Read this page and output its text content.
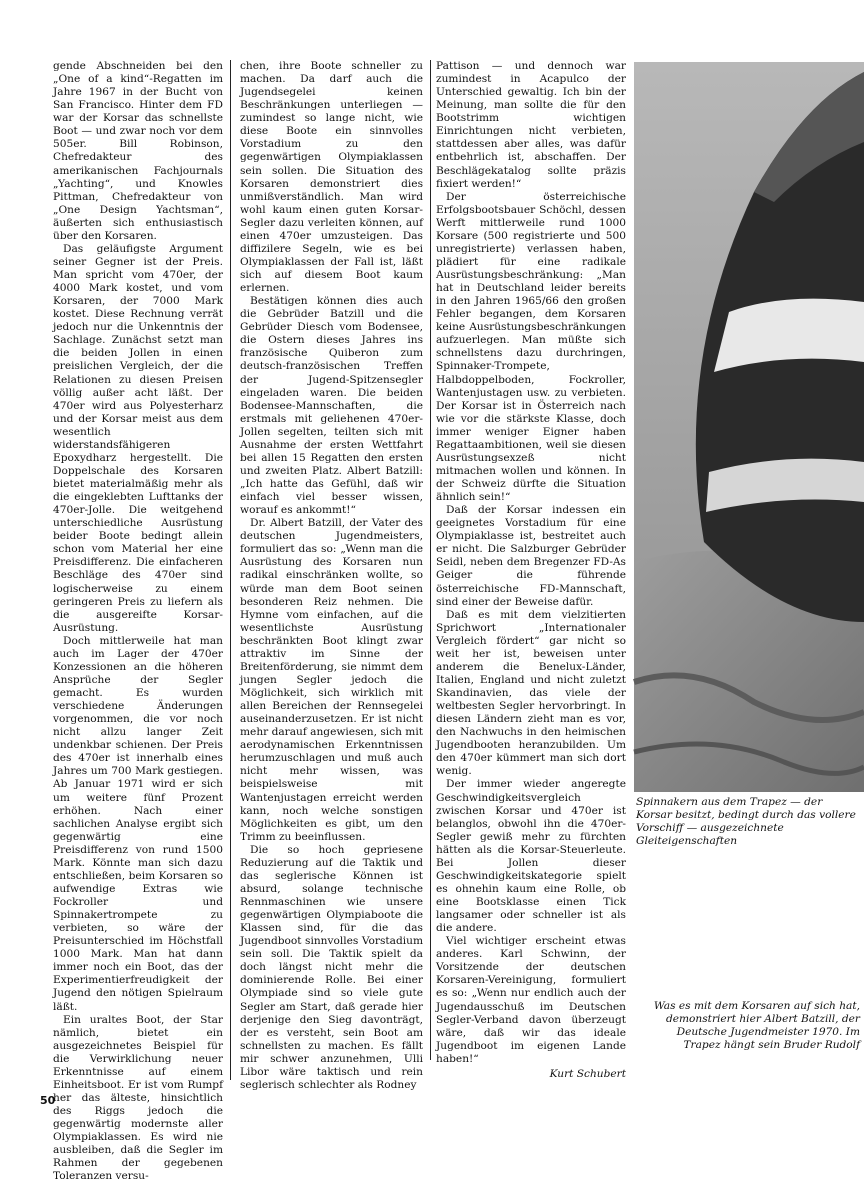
gende Abschneiden bei den „One of a kind“-Regatten im Jahre 1967 in der Bucht von San Francisco. Hinter dem FD war der Korsar das schnellste Boot — und zwar noch vor dem 505er. Bill Robinson, Chefredakteur des amerikanischen Fachjournals „Yachting“, und Knowles Pittman, Chefredakteur von „One Design Yachtsman“, äußerten sich enthusiastisch über den Korsaren.

Das geläufigste Argument seiner Gegner ist der Preis. Man spricht vom 470er, der 4000 Mark kostet, und vom Korsaren, der 7000 Mark kostet. Diese Rechnung verrät jedoch nur die Unkenntnis der Sachlage. Zunächst setzt man die beiden Jollen in einen preislichen Vergleich, der die Relationen zu diesen Preisen völlig außer acht läßt. Der 470er wird aus Polyesterharz und der Korsar meist aus dem wesentlich widerstandsfähigeren Epoxydharz hergestellt. Die Doppelschale des Korsaren bietet materialmäßig mehr als die eingeklebten Lufttanks der 470er-Jolle. Die weitgehend unterschiedliche Ausrüstung beider Boote bedingt allein schon vom Material her eine Preisdifferenz. Die einfacheren Beschläge des 470er sind logischerweise zu einem geringeren Preis zu liefern als die ausgereifte Korsar-Ausrüstung.

Doch mittlerweile hat man auch im Lager der 470er Konzessionen an die höheren Ansprüche der Segler gemacht. Es wurden verschiedene Änderungen vorgenommen, die vor noch nicht allzu langer Zeit undenkbar schienen. Der Preis des 470er ist innerhalb eines Jahres um 700 Mark gestiegen. Ab Januar 1971 wird er sich um weitere fünf Prozent erhöhen. Nach einer sachlichen Analyse ergibt sich gegenwärtig eine Preisdifferenz von rund 1500 Mark. Könnte man sich dazu entschließen, beim Korsaren so aufwendige Extras wie Fockroller und Spinnakertrompete zu verbieten, so wäre der Preisunterschied im Höchstfall 1000 Mark. Man hat dann immer noch ein Boot, das der Experimentierfreudigkeit der Jugend den nötigen Spielraum läßt.

Ein uraltes Boot, der Star nämlich, bietet ein ausgezeichnetes Beispiel für die Verwirklichung neuer Erkenntnisse auf einem Einheitsboot. Er ist vom Rumpf her das älteste, hinsichtlich des Riggs jedoch die gegenwärtig modernste aller Olympiaklassen. Es wird nie ausbleiben, daß die Segler im Rahmen der gegebenen Toleranzen versu-

chen, ihre Boote schneller zu machen. Da darf auch die Jugendsegelei keinen Beschränkungen unterliegen — zumindest so lange nicht, wie diese Boote ein sinnvolles Vorstadium zu den gegenwärtigen Olympiaklassen sein sollen. Die Situation des Korsaren demonstriert dies unmißverständlich. Man wird wohl kaum einen guten Korsar-Segler dazu verleiten können, auf einen 470er umzusteigen. Das diffizilere Segeln, wie es bei Olympiaklassen der Fall ist, läßt sich auf diesem Boot kaum erlernen.

Bestätigen können dies auch die Gebrüder Batzill und die Gebrüder Diesch vom Bodensee, die Ostern dieses Jahres ins französische Quiberon zum deutsch-französischen Treffen der Jugend-Spitzensegler eingeladen waren. Die beiden Bodensee-Mannschaften, die erstmals mit geliehenen 470er-Jollen segelten, teilten sich mit Ausnahme der ersten Wettfahrt bei allen 15 Regatten den ersten und zweiten Platz. Albert Batzill: „Ich hatte das Gefühl, daß wir einfach viel besser wissen, worauf es ankommt!“

Dr. Albert Batzill, der Vater des deutschen Jugendmeisters, formuliert das so: „Wenn man die Ausrüstung des Korsaren nun radikal einschränken wollte, so würde man dem Boot seinen besonderen Reiz nehmen. Die Hymne vom einfachen, auf die wesentlichste Ausrüstung beschränkten Boot klingt zwar attraktiv im Sinne der Breitenförderung, sie nimmt dem jungen Segler jedoch die Möglichkeit, sich wirklich mit allen Bereichen der Rennsegelei auseinanderzusetzen. Er ist nicht mehr darauf angewiesen, sich mit aerodynamischen Erkenntnissen herumzuschlagen und muß auch nicht mehr wissen, was beispielsweise mit Wantenjustagen erreicht werden kann, noch welche sonstigen Möglichkeiten es gibt, um den Trimm zu beeinflussen.

Die so hoch gepriesene Reduzierung auf die Taktik und das seglerische Können ist absurd, solange technische Rennmaschinen wie unsere gegenwärtigen Olympiaboote die Klassen sind, für die das Jugendboot sinnvolles Vorstadium sein soll. Die Taktik spielt da doch längst nicht mehr die dominierende Rolle. Bei einer Olympiade sind so viele gute Segler am Start, daß gerade hier derjenige den Sieg davonträgt, der es versteht, sein Boot am schnellsten zu machen. Es fällt mir schwer anzunehmen, Ulli Libor wäre taktisch und rein seglerisch schlechter als Rodney

Pattison — und dennoch war zumindest in Acapulco der Unterschied gewaltig. Ich bin der Meinung, man sollte die für den Bootstrimm wichtigen Einrichtungen nicht verbieten, stattdessen aber alles, was dafür entbehrlich ist, abschaffen. Der Beschlägekatalog sollte präzis fixiert werden!“

Der österreichische Erfolgsbootsbauer Schöchl, dessen Werft mittlerweile rund 1000 Korsare (500 registrierte und 500 unregistrierte) verlassen haben, plädiert für eine radikale Ausrüstungsbeschränkung: „Man hat in Deutschland leider bereits in den Jahren 1965/66 den großen Fehler begangen, dem Korsaren keine Ausrüstungsbeschränkungen aufzuerlegen. Man müßte sich schnellstens dazu durchringen, Spinnaker-Trompete, Halbdoppelboden, Fockroller, Wantenjustagen usw. zu verbieten. Der Korsar ist in Österreich nach wie vor die stärkste Klasse, doch immer weniger Eigner haben Regattaambitionen, weil sie diesen Ausrüstungsexzeß nicht mitmachen wollen und können. In der Schweiz dürfte die Situation ähnlich sein!“

Daß der Korsar indessen ein geeignetes Vorstadium für eine Olympiaklasse ist, bestreitet auch er nicht. Die Salzburger Gebrüder Seidl, neben dem Bregenzer FD-As Geiger die führende österreichische FD-Mannschaft, sind einer der Beweise dafür.

Daß es mit dem vielzitierten Sprichwort „Internationaler Vergleich fördert“ gar nicht so weit her ist, beweisen unter anderem die Benelux-Länder, Italien, England und nicht zuletzt Skandinavien, das viele der weltbesten Segler hervorbringt. In diesen Ländern zieht man es vor, den Nachwuchs in den heimischen Jugendbooten heranzubilden. Um den 470er kümmert man sich dort wenig.

Der immer wieder angeregte Geschwindigkeitsvergleich zwischen Korsar und 470er ist belanglos, obwohl ihn die 470er-Segler gewiß mehr zu fürchten hätten als die Korsar-Steuerleute. Bei Jollen dieser Geschwindigkeitskategorie spielt es ohnehin kaum eine Rolle, ob eine Bootsklasse einen Tick langsamer oder schneller ist als die andere.

Viel wichtiger erscheint etwas anderes. Karl Schwinn, der Vorsitzende der deutschen Korsaren-Vereinigung, formuliert es so: „Wenn nur endlich auch der Jugendausschuß im Deutschen Segler-Verband davon überzeugt wäre, daß wir das ideale Jugendboot im eigenen Lande haben!“

Kurt Schubert
Spinnakern aus dem Trapez — der Korsar besitzt, bedingt durch das vollere Vorschiff — ausgezeichnete Gleiteigenschaften
Was es mit dem Korsaren auf sich hat, demonstriert hier Albert Batzill, der Deutsche Jugendmeister 1970. Im Trapez hängt sein Bruder Rudolf
50
